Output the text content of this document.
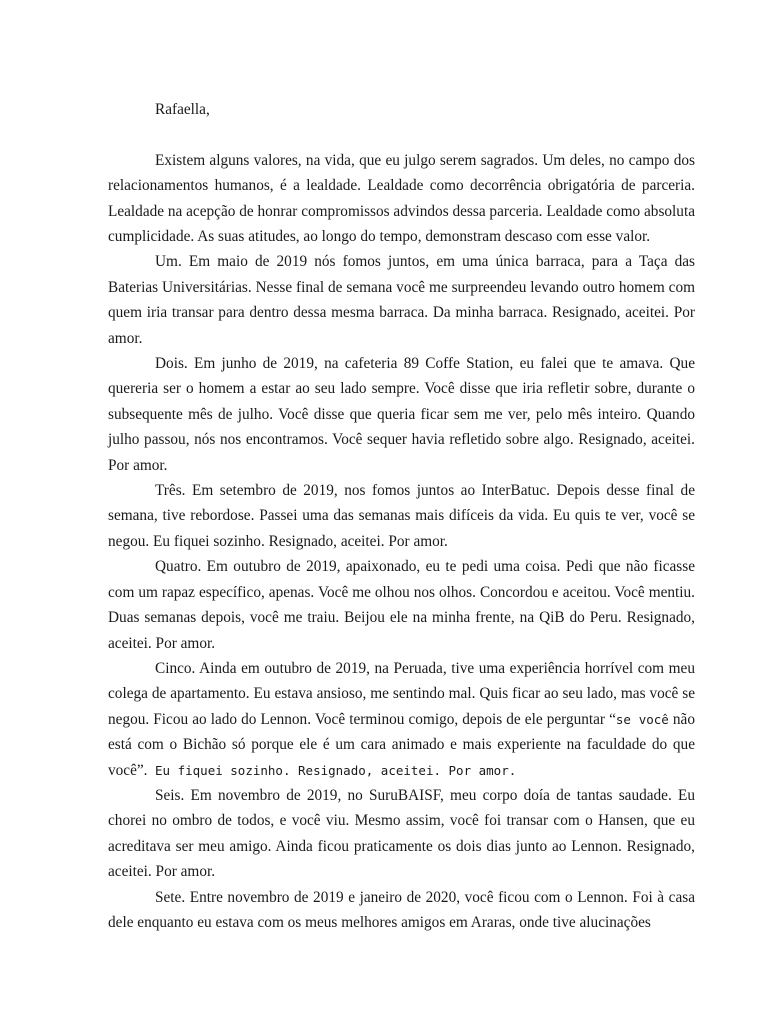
Rafaella,

Existem alguns valores, na vida, que eu julgo serem sagrados. Um deles, no campo dos relacionamentos humanos, é a lealdade. Lealdade como decorrência obrigatória de parceria. Lealdade na acepção de honrar compromissos advindos dessa parceria. Lealdade como absoluta cumplicidade. As suas atitudes, ao longo do tempo, demonstram descaso com esse valor.

Um. Em maio de 2019 nós fomos juntos, em uma única barraca, para a Taça das Baterias Universitárias. Nesse final de semana você me surpreendeu levando outro homem com quem iria transar para dentro dessa mesma barraca. Da minha barraca. Resignado, aceitei. Por amor.

Dois. Em junho de 2019, na cafeteria 89 Coffe Station, eu falei que te amava. Que quereria ser o homem a estar ao seu lado sempre. Você disse que iria refletir sobre, durante o subsequente mês de julho. Você disse que queria ficar sem me ver, pelo mês inteiro. Quando julho passou, nós nos encontramos. Você sequer havia refletido sobre algo. Resignado, aceitei. Por amor.

Três. Em setembro de 2019, nos fomos juntos ao InterBatuc. Depois desse final de semana, tive rebordose. Passei uma das semanas mais difíceis da vida. Eu quis te ver, você se negou. Eu fiquei sozinho. Resignado, aceitei. Por amor.

Quatro. Em outubro de 2019, apaixonado, eu te pedi uma coisa. Pedi que não ficasse com um rapaz específico, apenas. Você me olhou nos olhos. Concordou e aceitou. Você mentiu. Duas semanas depois, você me traiu. Beijou ele na minha frente, na QiB do Peru. Resignado, aceitei. Por amor.

Cinco. Ainda em outubro de 2019, na Peruada, tive uma experiência horrível com meu colega de apartamento. Eu estava ansioso, me sentindo mal. Quis ficar ao seu lado, mas você se negou. Ficou ao lado do Lennon. Você terminou comigo, depois de ele perguntar “se você não está com o Bichão só porque ele é um cara animado e mais experiente na faculdade do que você”. Eu fiquei sozinho. Resignado, aceitei. Por amor.

Seis. Em novembro de 2019, no SuruBAISF, meu corpo doía de tantas saudade. Eu chorei no ombro de todos, e você viu. Mesmo assim, você foi transar com o Hansen, que eu acreditava ser meu amigo. Ainda ficou praticamente os dois dias junto ao Lennon. Resignado, aceitei. Por amor.

Sete. Entre novembro de 2019 e janeiro de 2020, você ficou com o Lennon. Foi à casa dele enquanto eu estava com os meus melhores amigos em Araras, onde tive alucinações
